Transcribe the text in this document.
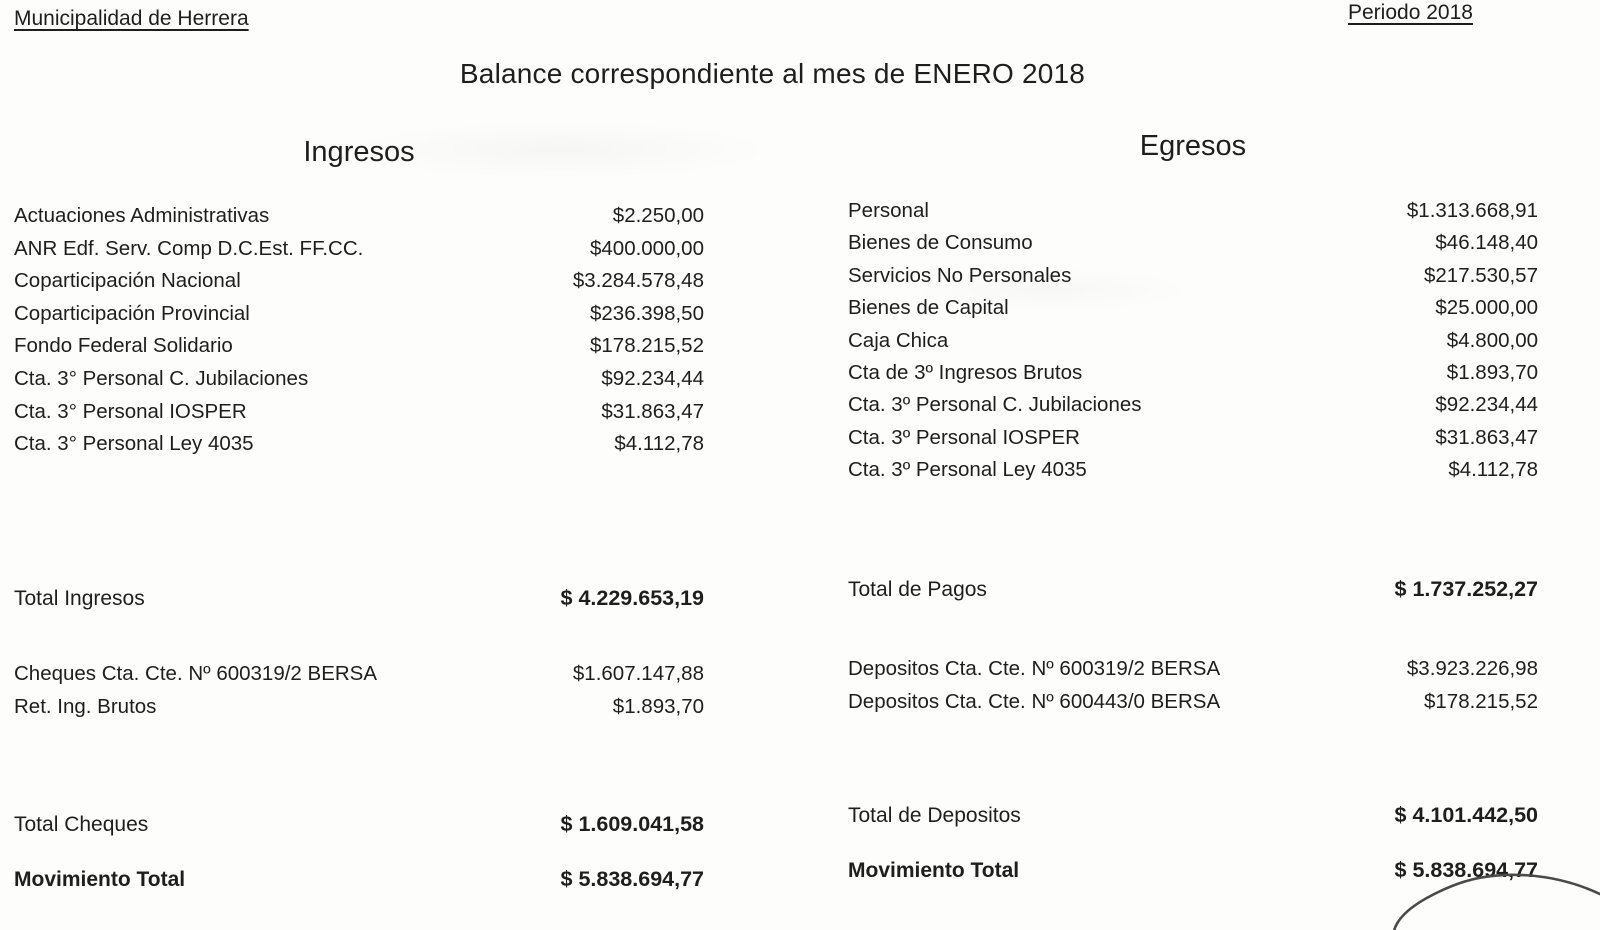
Municipalidad de Herrera	Periodo 2018
Balance correspondiente al mes de ENERO 2018
Ingresos
Actuaciones Administrativas	$2.250,00
ANR Edf. Serv. Comp D.C.Est. FF.CC.	$400.000,00
Coparticipación Nacional	$3.284.578,48
Coparticipación Provincial	$236.398,50
Fondo Federal Solidario	$178.215,52
Cta. 3° Personal C. Jubilaciones	$92.234,44
Cta. 3° Personal IOSPER	$31.863,47
Cta. 3° Personal Ley 4035	$4.112,78
Total Ingresos	$ 4.229.653,19
Cheques Cta. Cte. Nº 600319/2 BERSA	$1.607.147,88
Ret. Ing. Brutos	$1.893,70
Total Cheques	$ 1.609.041,58
Movimiento Total	$ 5.838.694,77
Egresos
Personal	$1.313.668,91
Bienes de Consumo	$46.148,40
Servicios No Personales	$217.530,57
Bienes de Capital	$25.000,00
Caja Chica	$4.800,00
Cta de 3º Ingresos Brutos	$1.893,70
Cta. 3º Personal C. Jubilaciones	$92.234,44
Cta. 3º Personal IOSPER	$31.863,47
Cta. 3º Personal Ley 4035	$4.112,78
Total de Pagos	$ 1.737.252,27
Depositos Cta. Cte. Nº 600319/2 BERSA	$3.923.226,98
Depositos Cta. Cte. Nº 600443/0 BERSA	$178.215,52
Total de Depositos	$ 4.101.442,50
Movimiento Total	$ 5.838.694,77
